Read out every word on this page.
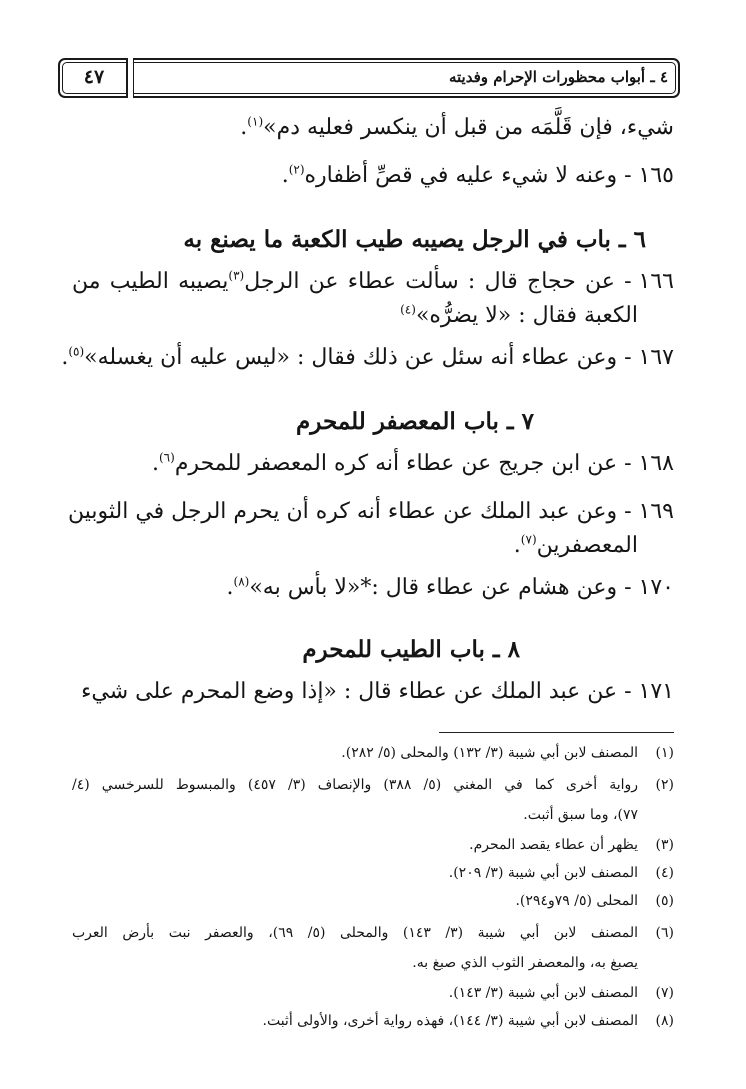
٤ ـ أبواب محظورات الإحرام وفديته
٤٧
شيء، فإن قَلَّمَه من قبل أن ينكسر فعليه دم»$^{(١)}$.
١٦٥ - وعنه لا شيء عليه في قصِّ أظفاره$^{(٢)}$.
٦ ـ باب في الرجل يصيبه طيب الكعبة ما يصنع به
١٦٦ - عن حجاج قال : سألت عطاء عن الرجل$^{(٣)}$يصيبه الطيب من
الكعبة فقال : «لا يضرُّه»$^{(٤)}$
١٦٧ - وعن عطاء أنه سئل عن ذلك فقال : «ليس عليه أن يغسله»$^{(٥)}$.
٧ ـ باب المعصفر للمحرم
١٦٨ - عن ابن جريج عن عطاء أنه كره المعصفر للمحرم$^{(٦)}$.
١٦٩ - وعن عبد الملك عن عطاء أنه كره أن يحرم الرجل في الثوبين
المعصفرين$^{(٧)}$.
١٧٠ - وعن هشام عن عطاء قال :*«لا بأس به»$^{(٨)}$.
٨ ـ باب الطيب للمحرم
١٧١ - عن عبد الملك عن عطاء قال : «إذا وضع المحرم على شيء
(١)المصنف لابن أبي شيبة (٣/ ١٣٢) والمحلى (٥/ ٢٨٢).
(٢)رواية أخرى كما في المغني (٥/ ٣٨٨) والإنصاف (٣/ ٤٥٧) والمبسوط للسرخسي (٤/
٧٧)، وما سبق أثبت.
(٣)يظهر أن عطاء يقصد المحرم.
(٤)المصنف لابن أبي شيبة (٣/ ٢٠٩).
(٥)المحلى (٥/ ٧٩و٢٩٤).
(٦)المصنف لابن أبي شيبة (٣/ ١٤٣) والمحلى (٥/ ٦٩)، والعصفر نبت بأرض العرب
يصبغ به، والمعصفر الثوب الذي صبغ به.
(٧)المصنف لابن أبي شيبة (٣/ ١٤٣).
(٨)المصنف لابن أبي شيبة (٣/ ١٤٤)، فهذه رواية أخرى، والأولى أثبت.
